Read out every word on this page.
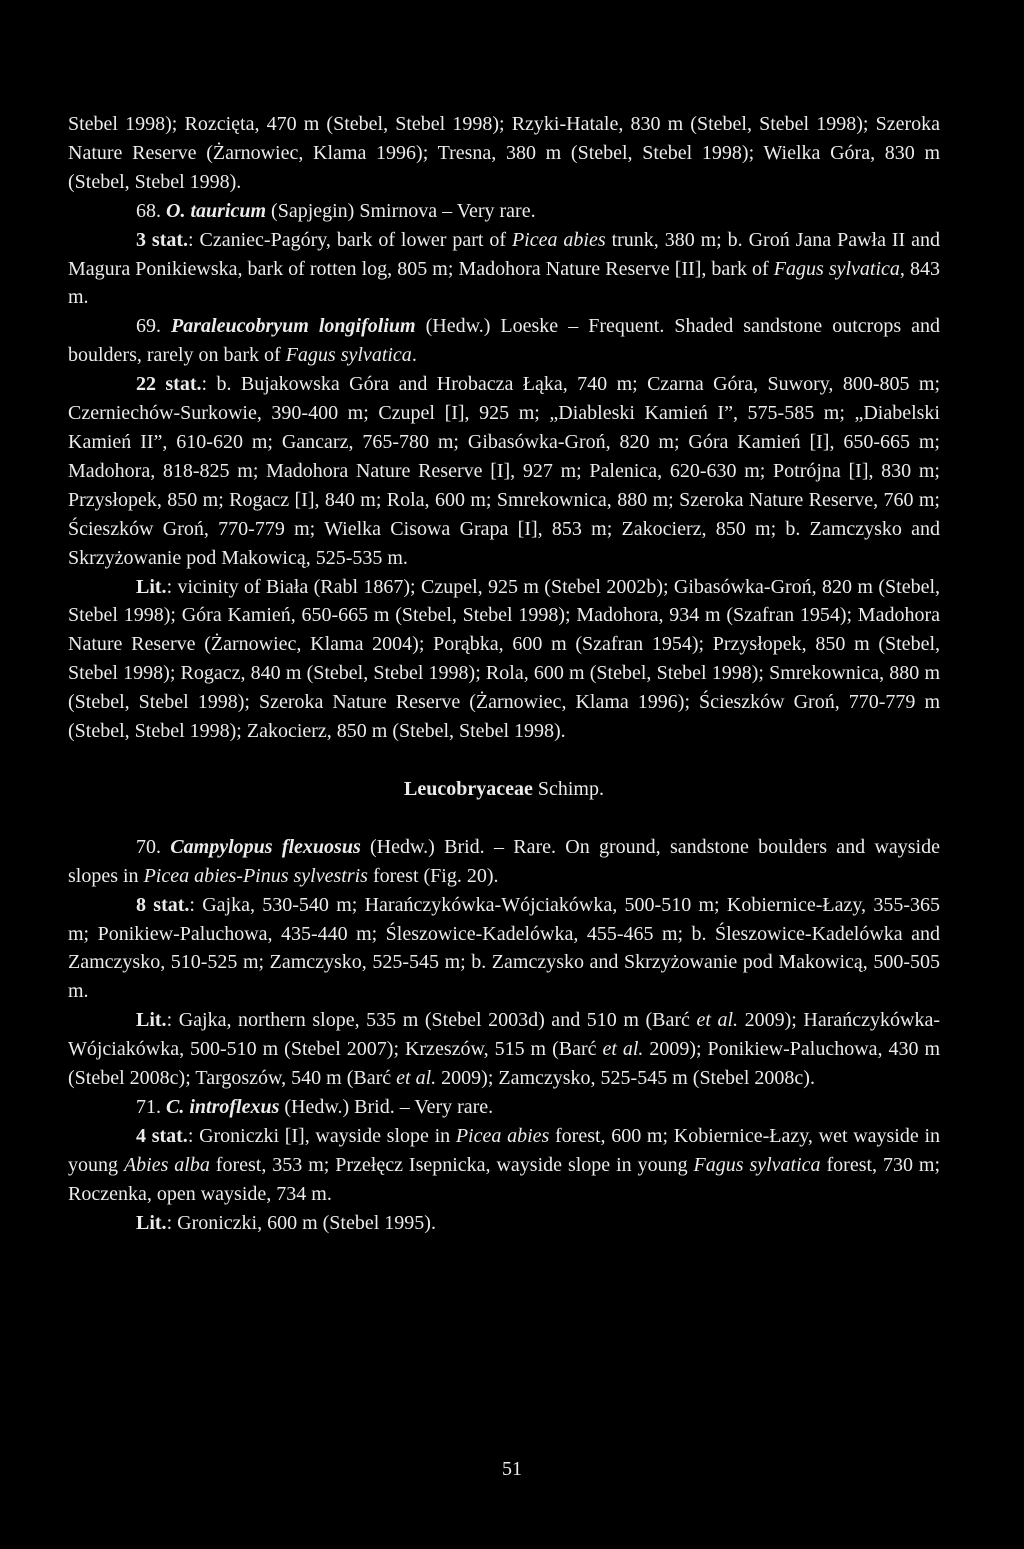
Stebel 1998); Rozcięta, 470 m (Stebel, Stebel 1998); Rzyki-Hatale, 830 m (Stebel, Stebel 1998); Szeroka Nature Reserve (Żarnowiec, Klama 1996); Tresna, 380 m (Stebel, Stebel 1998); Wielka Góra, 830 m (Stebel, Stebel 1998).

68. O. tauricum (Sapjegin) Smirnova – Very rare.

3 stat.: Czaniec-Pagóry, bark of lower part of Picea abies trunk, 380 m; b. Groń Jana Pawła II and Magura Ponikiewska, bark of rotten log, 805 m; Madohora Nature Reserve [II], bark of Fagus sylvatica, 843 m.

69. Paraleucobryum longifolium (Hedw.) Loeske – Frequent. Shaded sandstone outcrops and boulders, rarely on bark of Fagus sylvatica.

22 stat.: b. Bujakowska Góra and Hrobacza Łąka, 740 m; Czarna Góra, Suwory, 800-805 m; Czerniechów-Surkowie, 390-400 m; Czupel [I], 925 m; „Diableski Kamień I”, 575-585 m; „Diabelski Kamień II”, 610-620 m; Gancarz, 765-780 m; Gibasówka-Groń, 820 m; Góra Kamień [I], 650-665 m; Madohora, 818-825 m; Madohora Nature Reserve [I], 927 m; Palenica, 620-630 m; Potrójna [I], 830 m; Przysłopek, 850 m; Rogacz [I], 840 m; Rola, 600 m; Smrekownica, 880 m; Szeroka Nature Reserve, 760 m; Ścieszków Groń, 770-779 m; Wielka Cisowa Grapa [I], 853 m; Zakocierz, 850 m; b. Zamczysko and Skrzyżowanie pod Makowicą, 525-535 m.

Lit.: vicinity of Biała (Rabl 1867); Czupel, 925 m (Stebel 2002b); Gibasówka-Groń, 820 m (Stebel, Stebel 1998); Góra Kamień, 650-665 m (Stebel, Stebel 1998); Madohora, 934 m (Szafran 1954); Madohora Nature Reserve (Żarnowiec, Klama 2004); Porąbka, 600 m (Szafran 1954); Przysłopek, 850 m (Stebel, Stebel 1998); Rogacz, 840 m (Stebel, Stebel 1998); Rola, 600 m (Stebel, Stebel 1998); Smrekownica, 880 m (Stebel, Stebel 1998); Szeroka Nature Reserve (Żarnowiec, Klama 1996); Ścieszków Groń, 770-779 m (Stebel, Stebel 1998); Zakocierz, 850 m (Stebel, Stebel 1998).

Leucobryaceae Schimp.

70. Campylopus flexuosus (Hedw.) Brid. – Rare. On ground, sandstone boulders and wayside slopes in Picea abies-Pinus sylvestris forest (Fig. 20).

8 stat.: Gajka, 530-540 m; Harańczykówka-Wójciakówka, 500-510 m; Kobiernice-Łazy, 355-365 m; Ponikiew-Paluchowa, 435-440 m; Śleszowice-Kadelówka, 455-465 m; b. Śleszowice-Kadelówka and Zamczysko, 510-525 m; Zamczysko, 525-545 m; b. Zamczysko and Skrzyżowanie pod Makowicą, 500-505 m.

Lit.: Gajka, northern slope, 535 m (Stebel 2003d) and 510 m (Barć et al. 2009); Harańczykówka-Wójciakówka, 500-510 m (Stebel 2007); Krzeszów, 515 m (Barć et al. 2009); Ponikiew-Paluchowa, 430 m (Stebel 2008c); Targoszów, 540 m (Barć et al. 2009); Zamczysko, 525-545 m (Stebel 2008c).

71. C. introflexus (Hedw.) Brid. – Very rare.

4 stat.: Groniczki [I], wayside slope in Picea abies forest, 600 m; Kobiernice-Łazy, wet wayside in young Abies alba forest, 353 m; Przełęcz Isepnicka, wayside slope in young Fagus sylvatica forest, 730 m; Roczenka, open wayside, 734 m.

Lit.: Groniczki, 600 m (Stebel 1995).

51
